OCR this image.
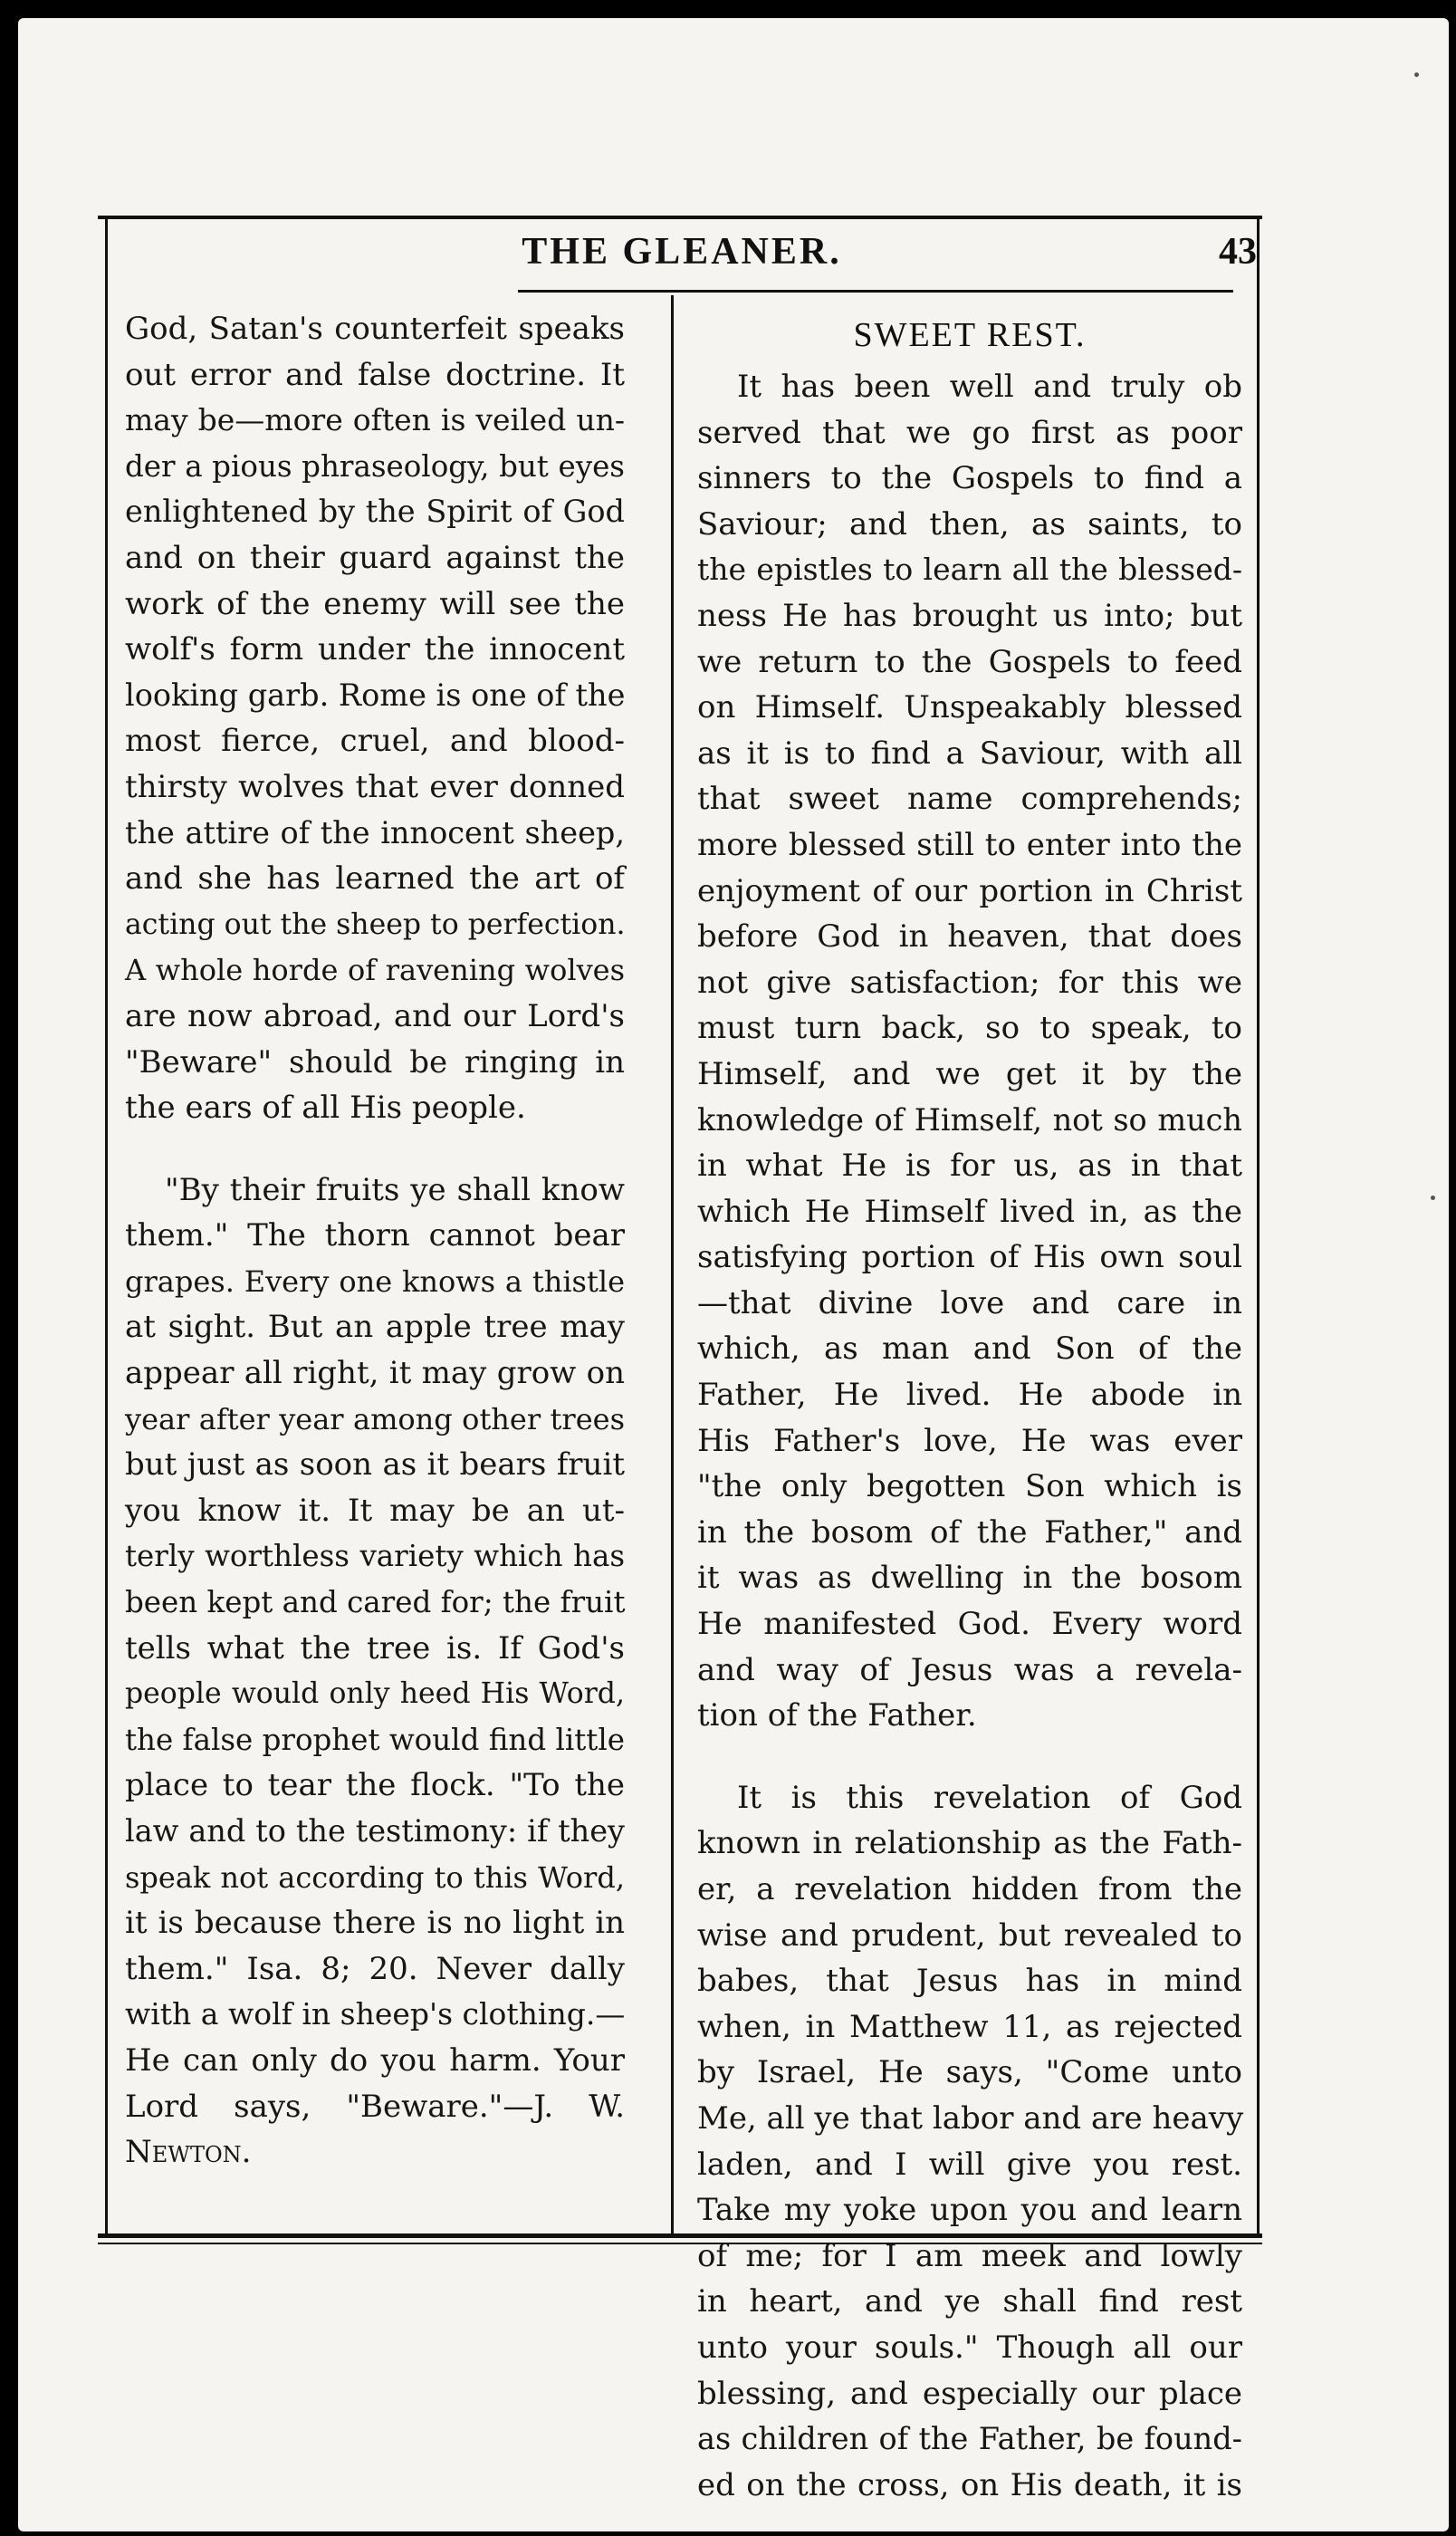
THE GLEANER.	43
God, Satan's counterfeit speaks
out error and false doctrine. It
may be—more often is veiled un-
der a pious phraseology, but eyes
enlightened by the Spirit of God
and on their guard against the
work of the enemy will see the
wolf's form under the innocent
looking garb. Rome is one of the
most fierce, cruel, and blood-
thirsty wolves that ever donned
the attire of the innocent sheep,
and she has learned the art of
acting out the sheep to perfection.
A whole horde of ravening wolves
are now abroad, and our Lord's
"Beware" should be ringing in
the ears of all His people.
"By their fruits ye shall know
them." The thorn cannot bear
grapes. Every one knows a thistle
at sight. But an apple tree may
appear all right, it may grow on
year after year among other trees
but just as soon as it bears fruit
you know it. It may be an ut-
terly worthless variety which has
been kept and cared for; the fruit
tells what the tree is. If God's
people would only heed His Word,
the false prophet would find little
place to tear the flock. "To the
law and to the testimony: if they
speak not according to this Word,
it is because there is no light in
them." Isa. 8; 20. Never dally
with a wolf in sheep's clothing.—
He can only do you harm. Your
Lord says, "Beware."—J. W.
Newton.
SWEET REST.
It has been well and truly ob
served that we go first as poor
sinners to the Gospels to find a
Saviour; and then, as saints, to
the epistles to learn all the blessed-
ness He has brought us into; but
we return to the Gospels to feed
on Himself. Unspeakably blessed
as it is to find a Saviour, with all
that sweet name comprehends;
more blessed still to enter into the
enjoyment of our portion in Christ
before God in heaven, that does
not give satisfaction; for this we
must turn back, so to speak, to
Himself, and we get it by the
knowledge of Himself, not so much
in what He is for us, as in that
which He Himself lived in, as the
satisfying portion of His own soul
—that divine love and care in
which, as man and Son of the
Father, He lived. He abode in
His Father's love, He was ever
"the only begotten Son which is
in the bosom of the Father," and
it was as dwelling in the bosom
He manifested God. Every word
and way of Jesus was a revela-
tion of the Father.
It is this revelation of God
known in relationship as the Fath-
er, a revelation hidden from the
wise and prudent, but revealed to
babes, that Jesus has in mind
when, in Matthew 11, as rejected
by Israel, He says, "Come unto
Me, all ye that labor and are heavy
laden, and I will give you rest.
Take my yoke upon you and learn
of me; for I am meek and lowly
in heart, and ye shall find rest
unto your souls." Though all our
blessing, and especially our place
as children of the Father, be found-
ed on the cross, on His death, it is
